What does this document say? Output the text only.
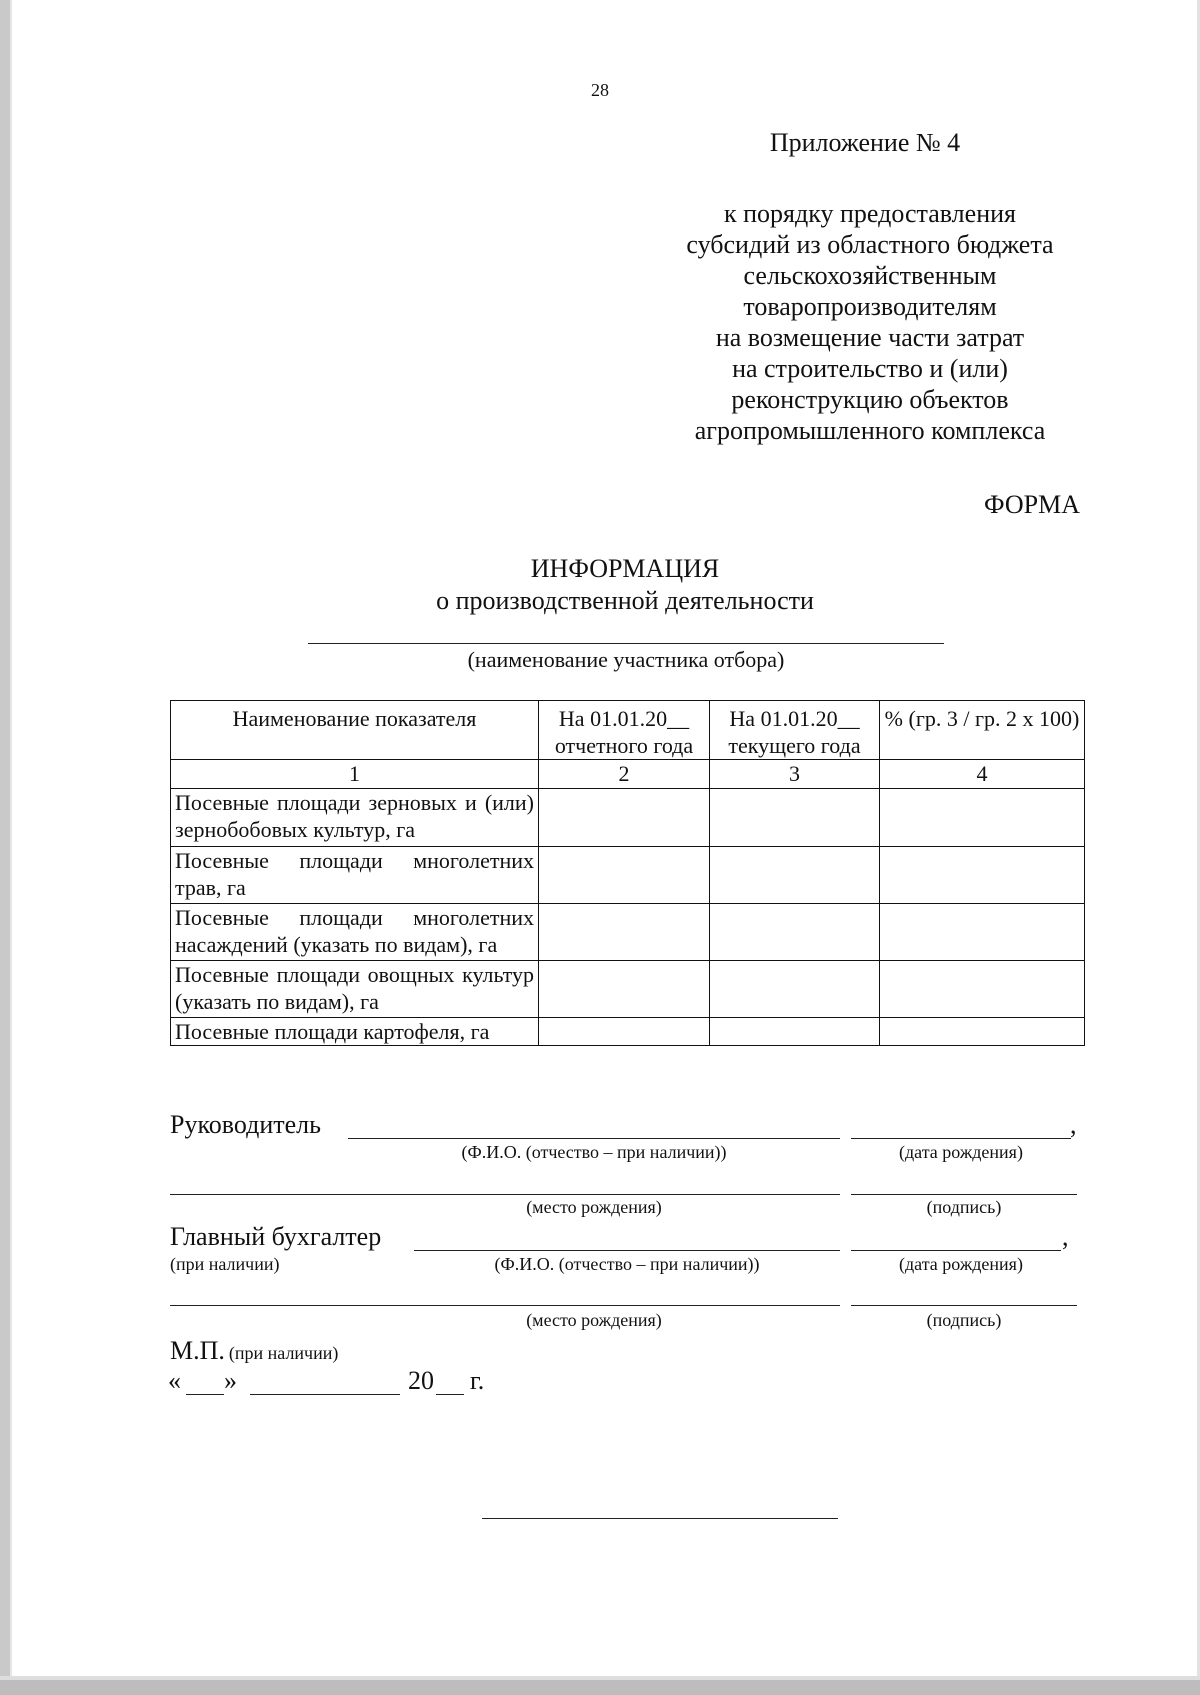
28
Приложение № 4
к порядку предоставления
субсидий из областного бюджета
сельскохозяйственным
товаропроизводителям
на возмещение части затрат
на строительство и (или)
реконструкцию объектов
агропромышленного комплекса
ФОРМА
ИНФОРМАЦИЯ
о производственной деятельности
(наименование участника отбора)
Наименование показателя	На 01.01.20__ отчетного года	На 01.01.20__ текущего года	% (гр. 3 / гр. 2 х 100)
1	2	3	4
Посевные площади зерновых и (или) зернобобовых культур, га			
Посевные площади многолетних трав, га			
Посевные площади многолетних насаждений (указать по видам), га			
Посевные площади овощных культур (указать по видам), га			
Посевные площади картофеля, га			
Руководитель	,
(Ф.И.О. (отчество – при наличии))	(дата рождения)
(место рождения)	(подпись)
Главный бухгалтер	,
(при наличии)	(Ф.И.О. (отчество – при наличии))	(дата рождения)
(место рождения)	(подпись)
М.П. (при наличии)
« »	20 г.
